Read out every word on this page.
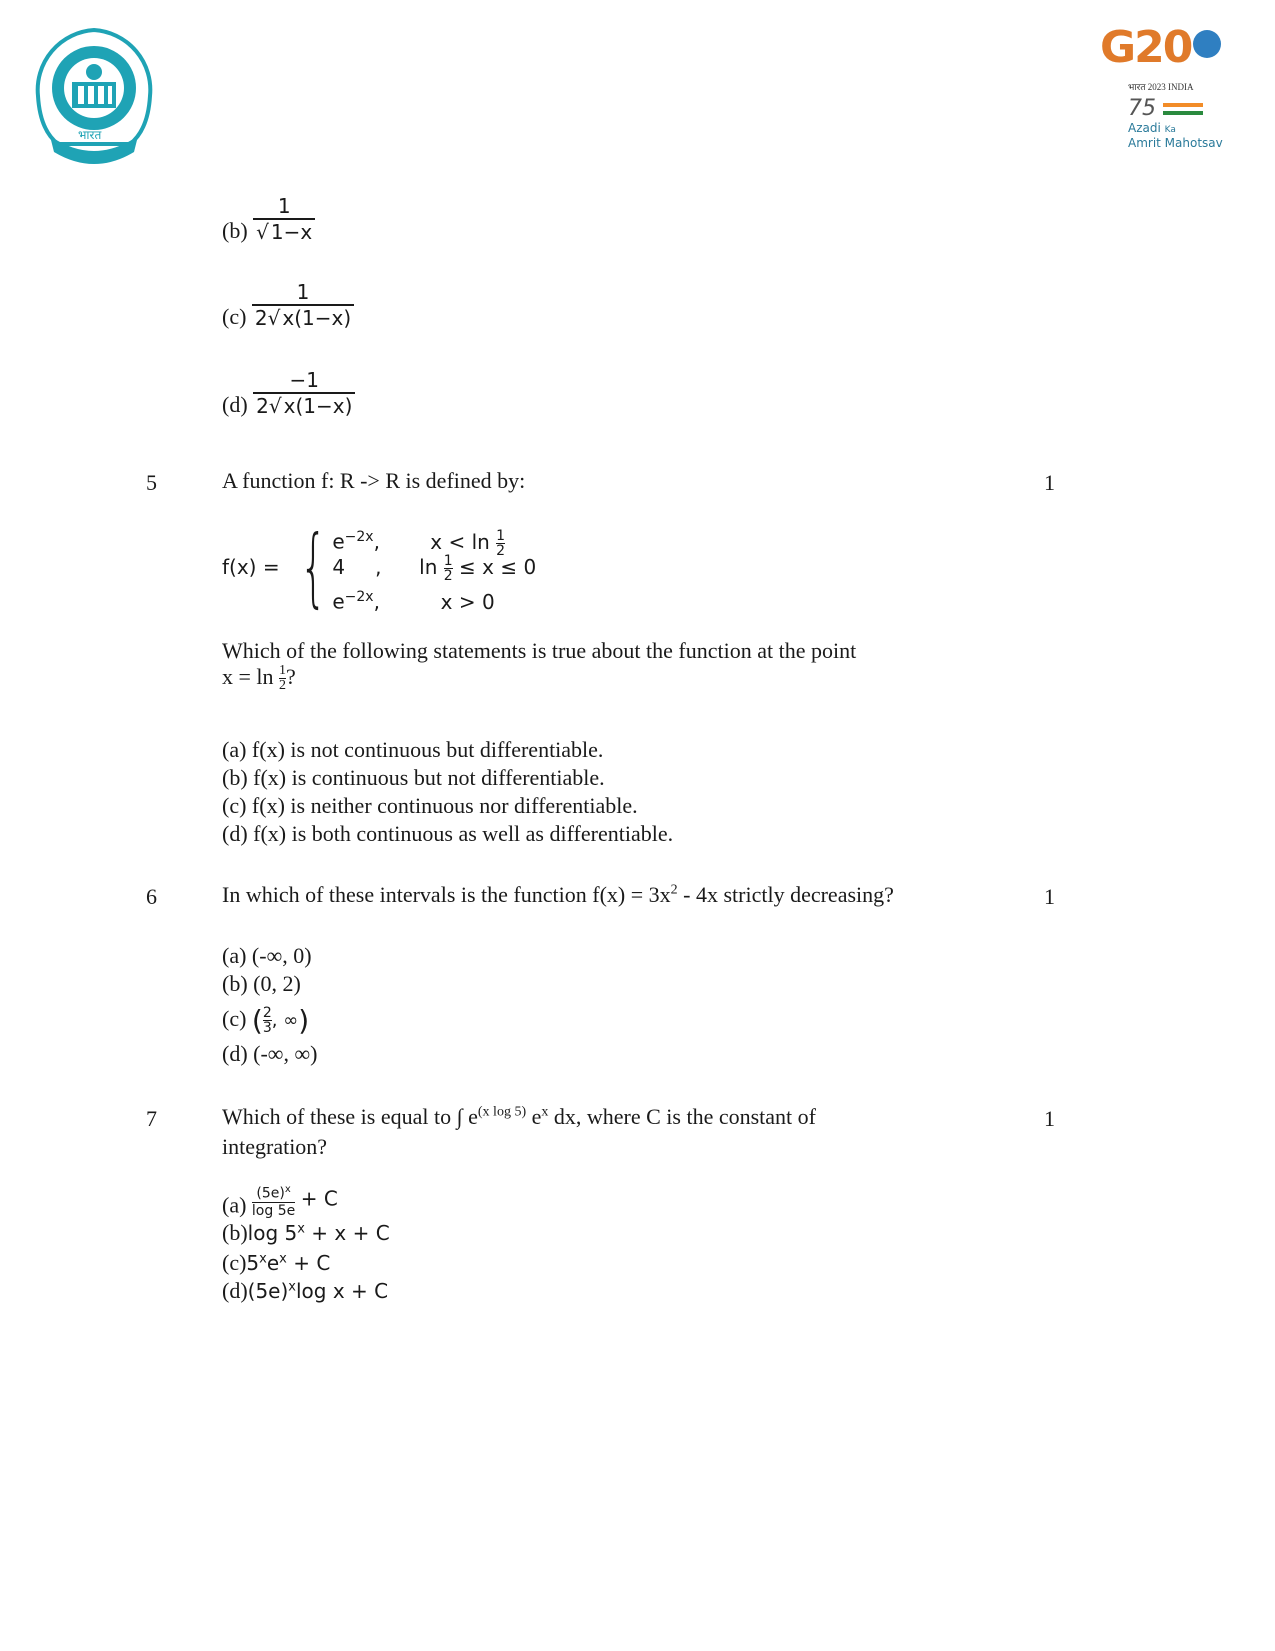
भारत
G20
भारत 2023 INDIA
75
Azadi Ka
Amrit Mahotsav
$(b) \frac{1}{√ 1-x}$
$(c) \frac{1}{2√ x(1-x)}$
$(d) \frac{-1}{2√ x(1-x)}$
5	1
A function f: R -> R is defined by:
f(x) = { $e^{-2x}$,	$x < \ln \frac{1}{2}$
4 , $\ln \frac{1}{2} \le x \le 0$
$e^{-2x}$,	x > 0
Which of the following statements is true about the function at the point
$x = \ln \frac{1}{2}$ ?
(a) f(x) is not continuous but differentiable.
(b) f(x) is continuous but not differentiable.
(c) f(x) is neither continuous nor differentiable.
(d) f(x) is both continuous as well as differentiable.
6	1
In which of these intervals is the function $f(x) = 3x^2 - 4x$ strictly decreasing?
(a) (-∞, 0)
(b) (0, 2)
(c) ( $\frac{2}{3}$ , ∞)
(d) (-∞, ∞)
7	1
Which of these is equal to ∫ $e^{(x log 5)}$ $e^x$ dx, where C is the constant of
integration?
$(a) \frac{(5e)^x}{\log 5e} + C$
(b)log $5^x + x + C$
$(c)5^xe^x + C$
$(d)(5e)^x\log$ x + C
